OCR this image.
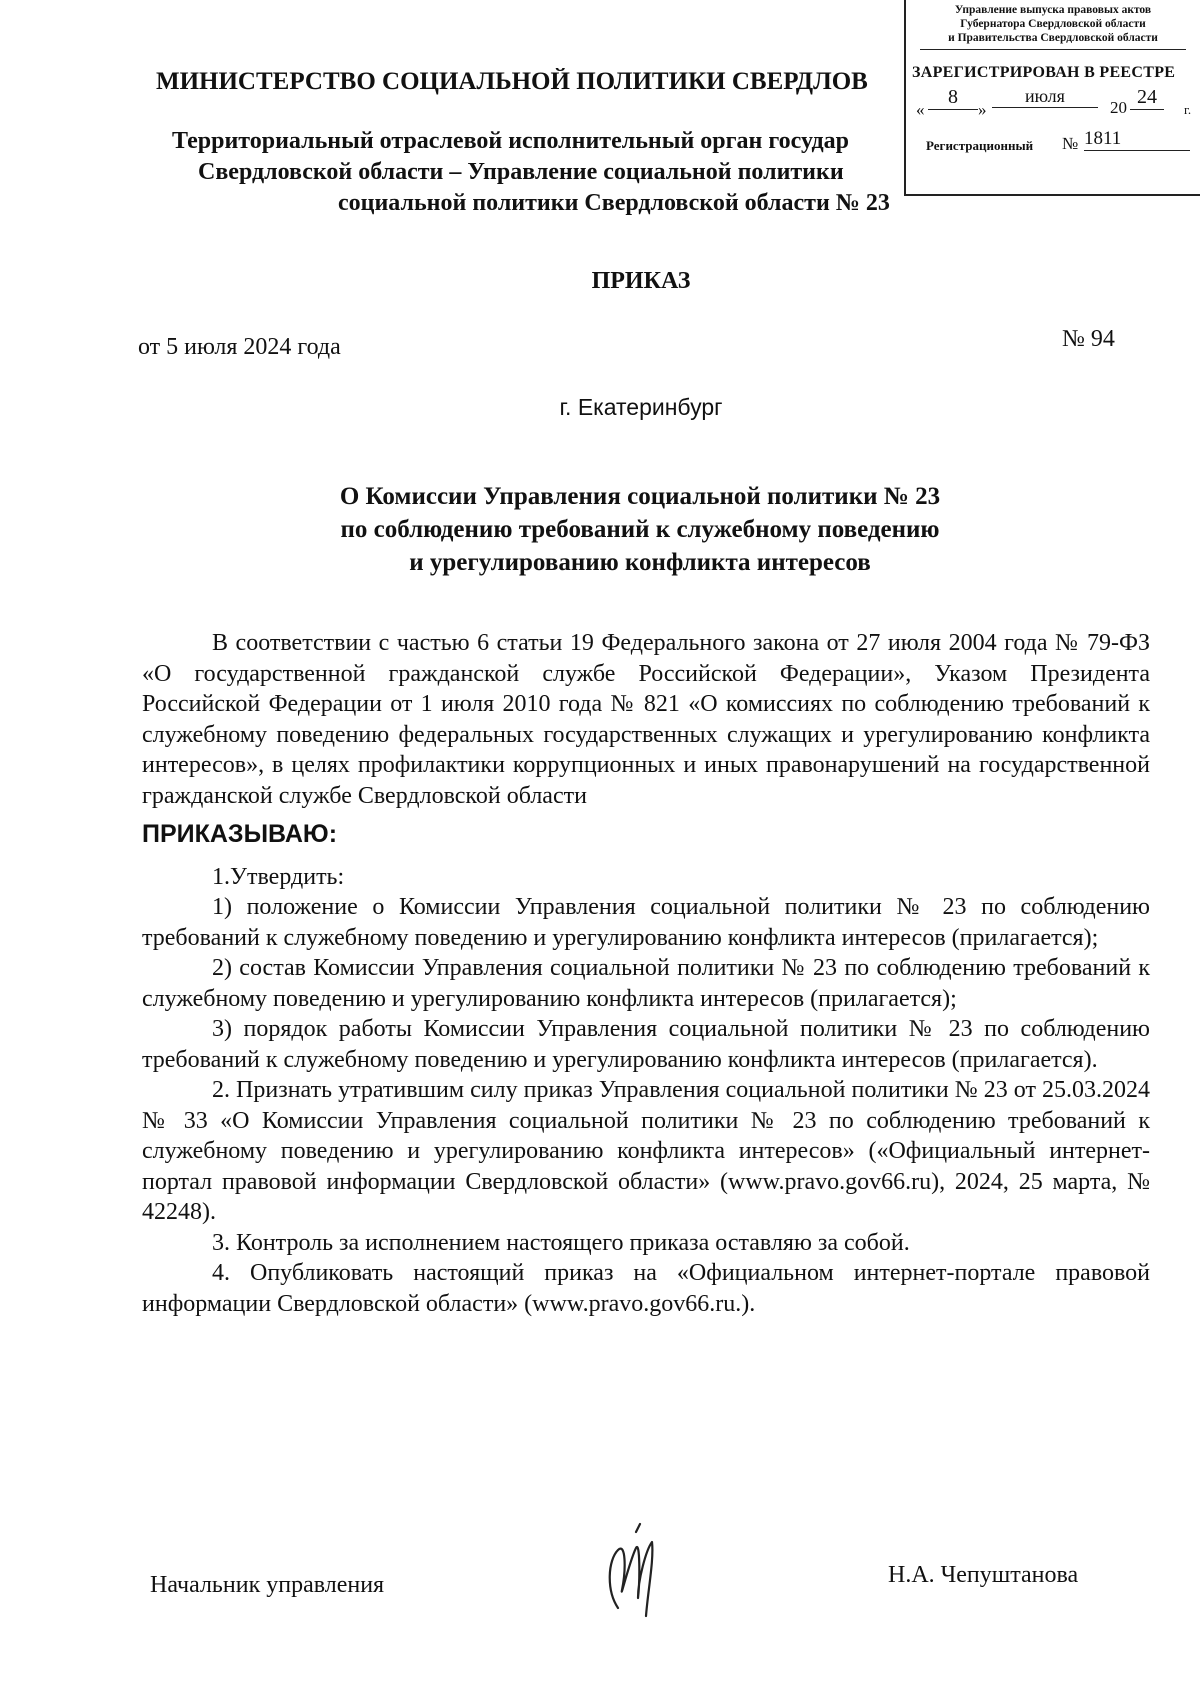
Управление выпуска правовых актов
Губернатора Свердловской области
и Правительства Свердловской области
ЗАРЕГИСТРИРОВАН В РЕЕСТРЕ
«
8
»
июля
20 24
г.
Регистрационный № 1811
МИНИСТЕРСТВО СОЦИАЛЬНОЙ ПОЛИТИКИ СВЕРДЛОВ
Территориальный отраслевой исполнительный орган государ
Свердловской области – Управление социальной политики
социальной политики Свердловской области № 23
ПРИКАЗ
от 5 июля 2024 года	№ 94
г. Екатеринбург
О Комиссии Управления социальной политики № 23
по соблюдению требований к служебному поведению
и урегулированию конфликта интересов

В соответствии с частью 6 статьи 19 Федерального закона от 27 июля 2004 года № 79-ФЗ «О государственной гражданской службе Российской Федерации», Указом Президента Российской Федерации от 1 июля 2010 года № 821 «О комиссиях по соблюдению требований к служебному поведению федеральных государственных служащих и урегулированию конфликта интересов», в целях профилактики коррупционных и иных правонарушений на государственной гражданской службе Свердловской области

ПРИКАЗЫВАЮ:

1.Утвердить:

1) положение о Комиссии Управления социальной политики № 23 по соблюдению требований к служебному поведению и урегулированию конфликта интересов (прилагается);

2) состав Комиссии Управления социальной политики № 23 по соблюдению требований к служебному поведению и урегулированию конфликта интересов (прилагается);

3) порядок работы Комиссии Управления социальной политики № 23 по соблюдению требований к служебному поведению и урегулированию конфликта интересов (прилагается).

2. Признать утратившим силу приказ Управления социальной политики № 23 от 25.03.2024 № 33 «О Комиссии Управления социальной политики № 23 по соблюдению требований к служебному поведению и урегулированию конфликта интересов» («Официальный интернет-портал правовой информации Свердловской области» (www.pravo.gov66.ru), 2024, 25 марта, № 42248).

3. Контроль за исполнением настоящего приказа оставляю за собой.

4. Опубликовать настоящий приказ на «Официальном интернет-портале правовой информации Свердловской области» (www.pravo.gov66.ru.).

Начальник управления	Н.А. Чепуштанова
